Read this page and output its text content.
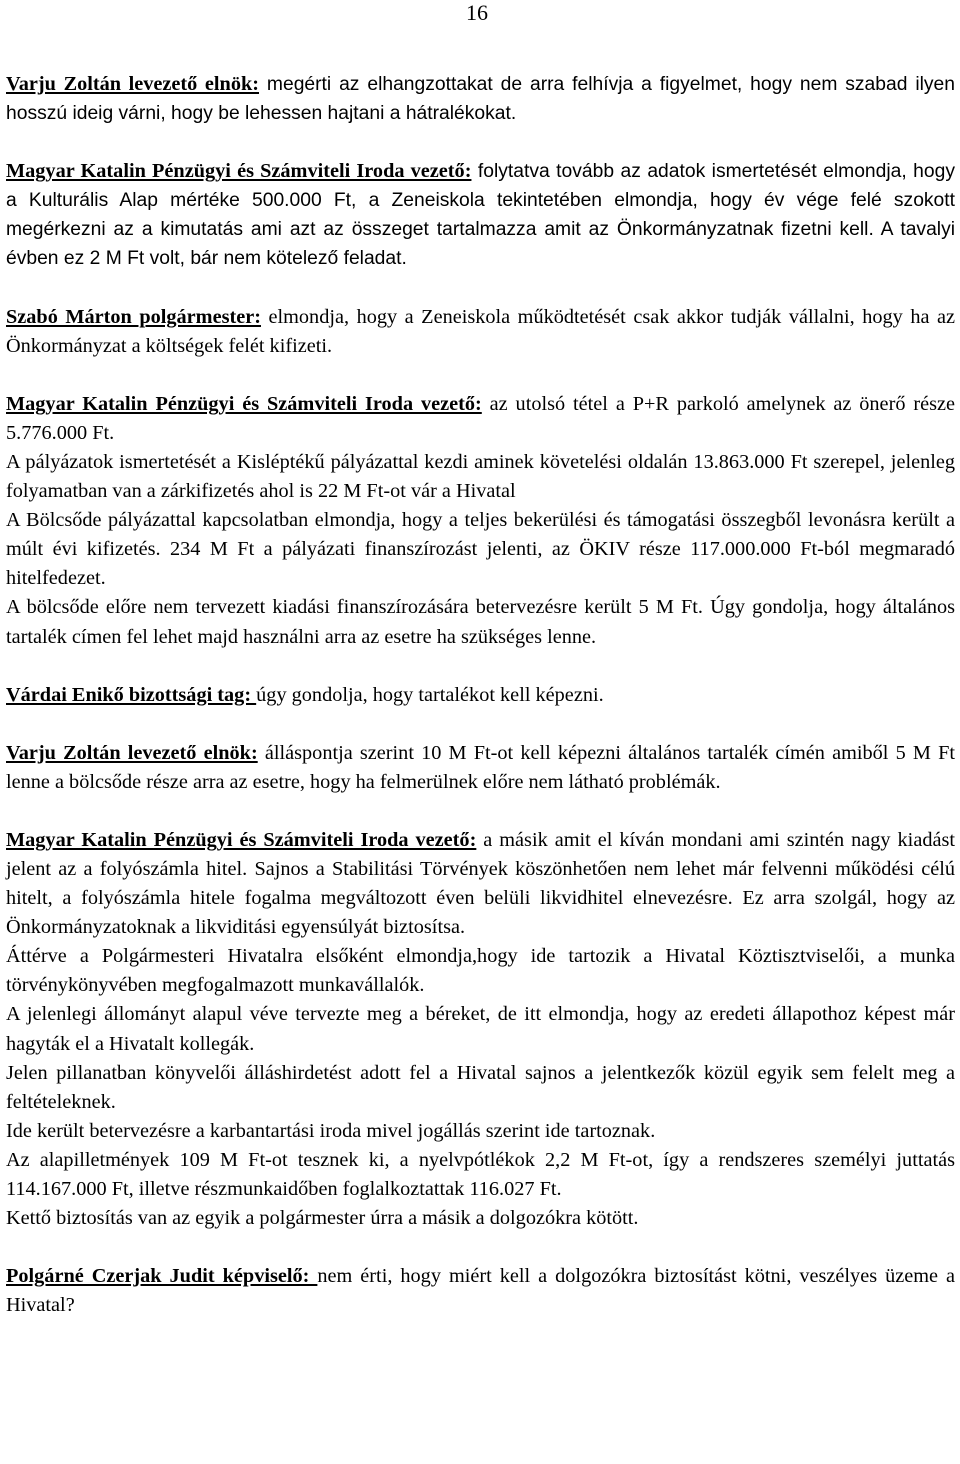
16

Varju Zoltán levezető elnök: megérti az elhangzottakat de arra felhívja a figyelmet, hogy nem szabad ilyen hosszú ideig várni, hogy be lehessen hajtani a hátralékokat.

Magyar Katalin Pénzügyi és Számviteli Iroda vezető: folytatva tovább az adatok ismertetését elmondja, hogy a Kulturális Alap mértéke 500.000 Ft, a Zeneiskola tekintetében elmondja, hogy év vége felé szokott megérkezni az a kimutatás ami azt az összeget tartalmazza amit az Önkormányzatnak fizetni kell. A tavalyi évben ez 2 M Ft volt, bár nem kötelező feladat.

Szabó Márton polgármester: elmondja, hogy a Zeneiskola működtetését csak akkor tudják vállalni, hogy ha az Önkormányzat a költségek felét kifizeti.

Magyar Katalin Pénzügyi és Számviteli Iroda vezető: az utolsó tétel a P+R parkoló amelynek az önerő része 5.776.000 Ft.

A pályázatok ismertetését a Kisléptékű pályázattal kezdi aminek követelési oldalán 13.863.000 Ft szerepel, jelenleg folyamatban van a zárkifizetés ahol is 22 M Ft-ot vár a Hivatal

A Bölcsőde pályázattal kapcsolatban elmondja, hogy a teljes bekerülési és támogatási összegből levonásra került a múlt évi kifizetés. 234 M Ft a pályázati finanszírozást jelenti, az ÖKIV része 117.000.000 Ft-ból megmaradó hitelfedezet.

A bölcsőde előre nem tervezett kiadási finanszírozására betervezésre került 5 M Ft. Úgy gondolja, hogy általános tartalék címen fel lehet majd használni arra az esetre ha szükséges lenne.

Várdai Enikő bizottsági tag: úgy gondolja, hogy tartalékot kell képezni.

Varju Zoltán levezető elnök: álláspontja szerint 10 M Ft-ot kell képezni általános tartalék címén amiből 5 M Ft lenne a bölcsőde része arra az esetre, hogy ha felmerülnek előre nem látható problémák.

Magyar Katalin Pénzügyi és Számviteli Iroda vezető: a másik amit el kíván mondani ami szintén nagy kiadást jelent az a folyószámla hitel. Sajnos a Stabilitási Törvények köszönhetően nem lehet már felvenni működési célú hitelt, a folyószámla hitele fogalma megváltozott éven belüli likvidhitel elnevezésre. Ez arra szolgál, hogy az Önkormányzatoknak a likviditási egyensúlyát biztosítsa.

Áttérve a Polgármesteri Hivatalra elsőként elmondja,hogy ide tartozik a Hivatal Köztisztviselői, a munka törvénykönyvében megfogalmazott munkavállalók.

A jelenlegi állományt alapul véve tervezte meg a béreket, de itt elmondja, hogy az eredeti állapothoz képest már hagyták el a Hivatalt kollegák.

Jelen pillanatban könyvelői álláshirdetést adott fel a Hivatal sajnos a jelentkezők közül egyik sem felelt meg a feltételeknek.

Ide került betervezésre a karbantartási iroda mivel jogállás szerint ide tartoznak.

Az alapilletmények 109 M Ft-ot tesznek ki, a nyelvpótlékok 2,2 M Ft-ot, így a rendszeres személyi juttatás 114.167.000 Ft, illetve részmunkaidőben foglalkoztattak 116.027 Ft.

Kettő biztosítás van az egyik a polgármester úrra a másik a dolgozókra kötött.

Polgárné Czerjak Judit képviselő: nem érti, hogy miért kell a dolgozókra biztosítást kötni, veszélyes üzeme a Hivatal?
